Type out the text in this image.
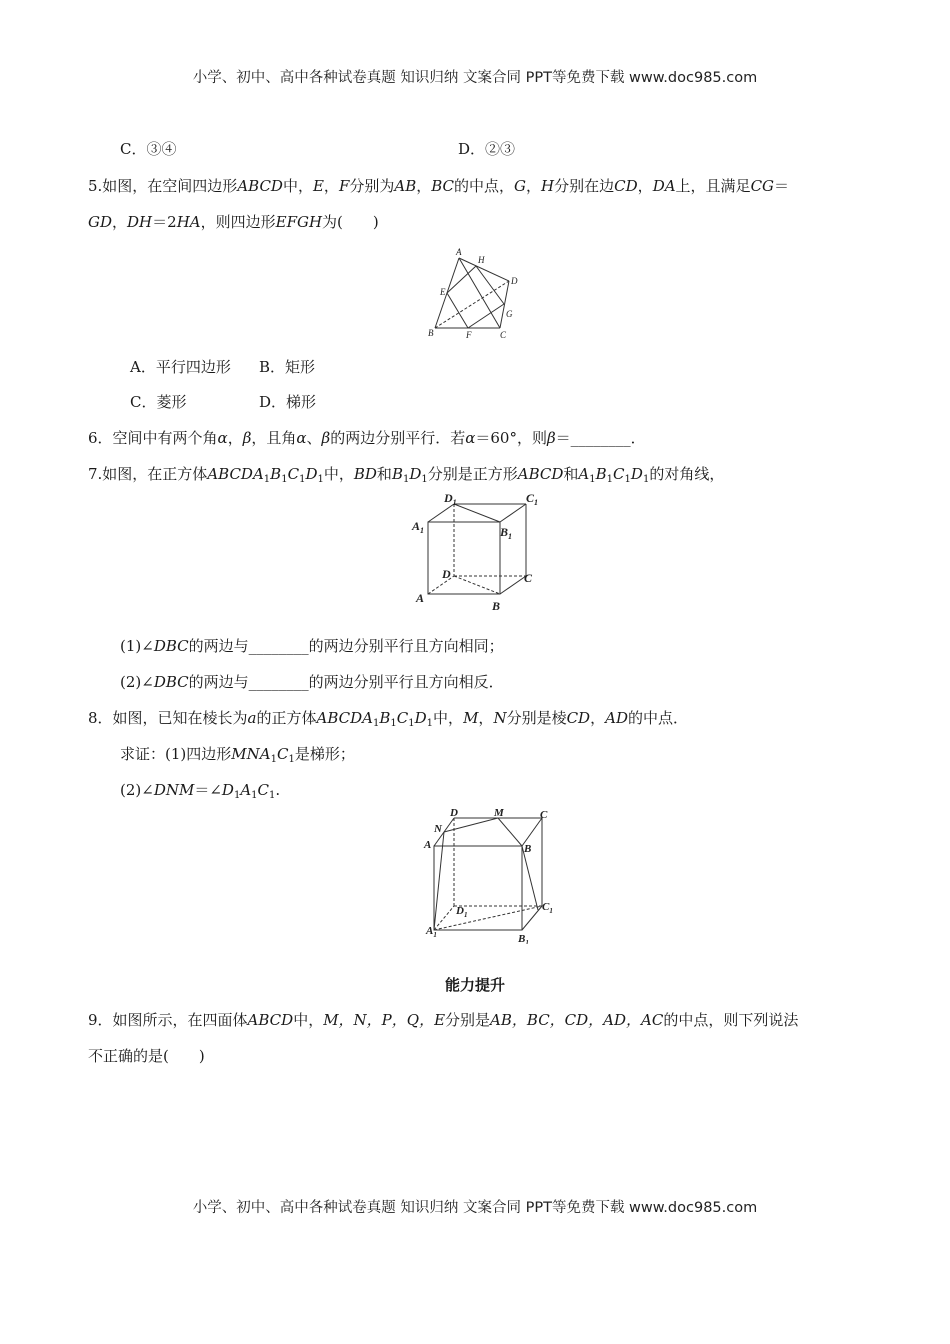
小学、初中、高中各种试卷真题 知识归纳 文案合同 PPT等免费下载 www.doc985.com
C．③④	D．②③
5.如图，在空间四边形ABCD中，E，F分别为AB，BC的中点，G，H分别在边CD，DA上，且满足CG＝
GD，DH＝2HA，则四边形EFGH为(　　)
A
H
E
D
G
B	F	C
A．平行四边形 B．矩形
C．菱形	D．梯形
6．空间中有两个角α，β，且角α、β的两边分别平行．若α＝60°，则β＝________．
7.如图，在正方体$ABCDA_1B_1C_1D_1$中，BD和$B_1D_1$分别是正方形ABCD和$A_1B_1C_1D_1$的对角线，
$D_1$	$C_1$
$A_1$	$B_1$
D	C
A
B
(1)∠DBC的两边与________的两边分别平行且方向相同；
(2)∠DBC的两边与________的两边分别平行且方向相反．
8．如图，已知在棱长为a的正方体$ABCDA_1B_1C_1D_1$中，M，N分别是棱CD，AD的中点．
求证：(1)四边形$MNA_1C_1$是梯形；
$(2)\angle DNM=\angle D_1A_1C_1$.
D	M	C
N
A	B
$D_1$
$C_1$
$A_1$	$B_1$
能力提升
9．如图所示，在四面体ABCD中，M，N，P，Q，E分别是AB，BC，CD，AD，AC的中点，则下列说法
不正确的是(　　)
小学、初中、高中各种试卷真题 知识归纳 文案合同 PPT等免费下载 www.doc985.com
